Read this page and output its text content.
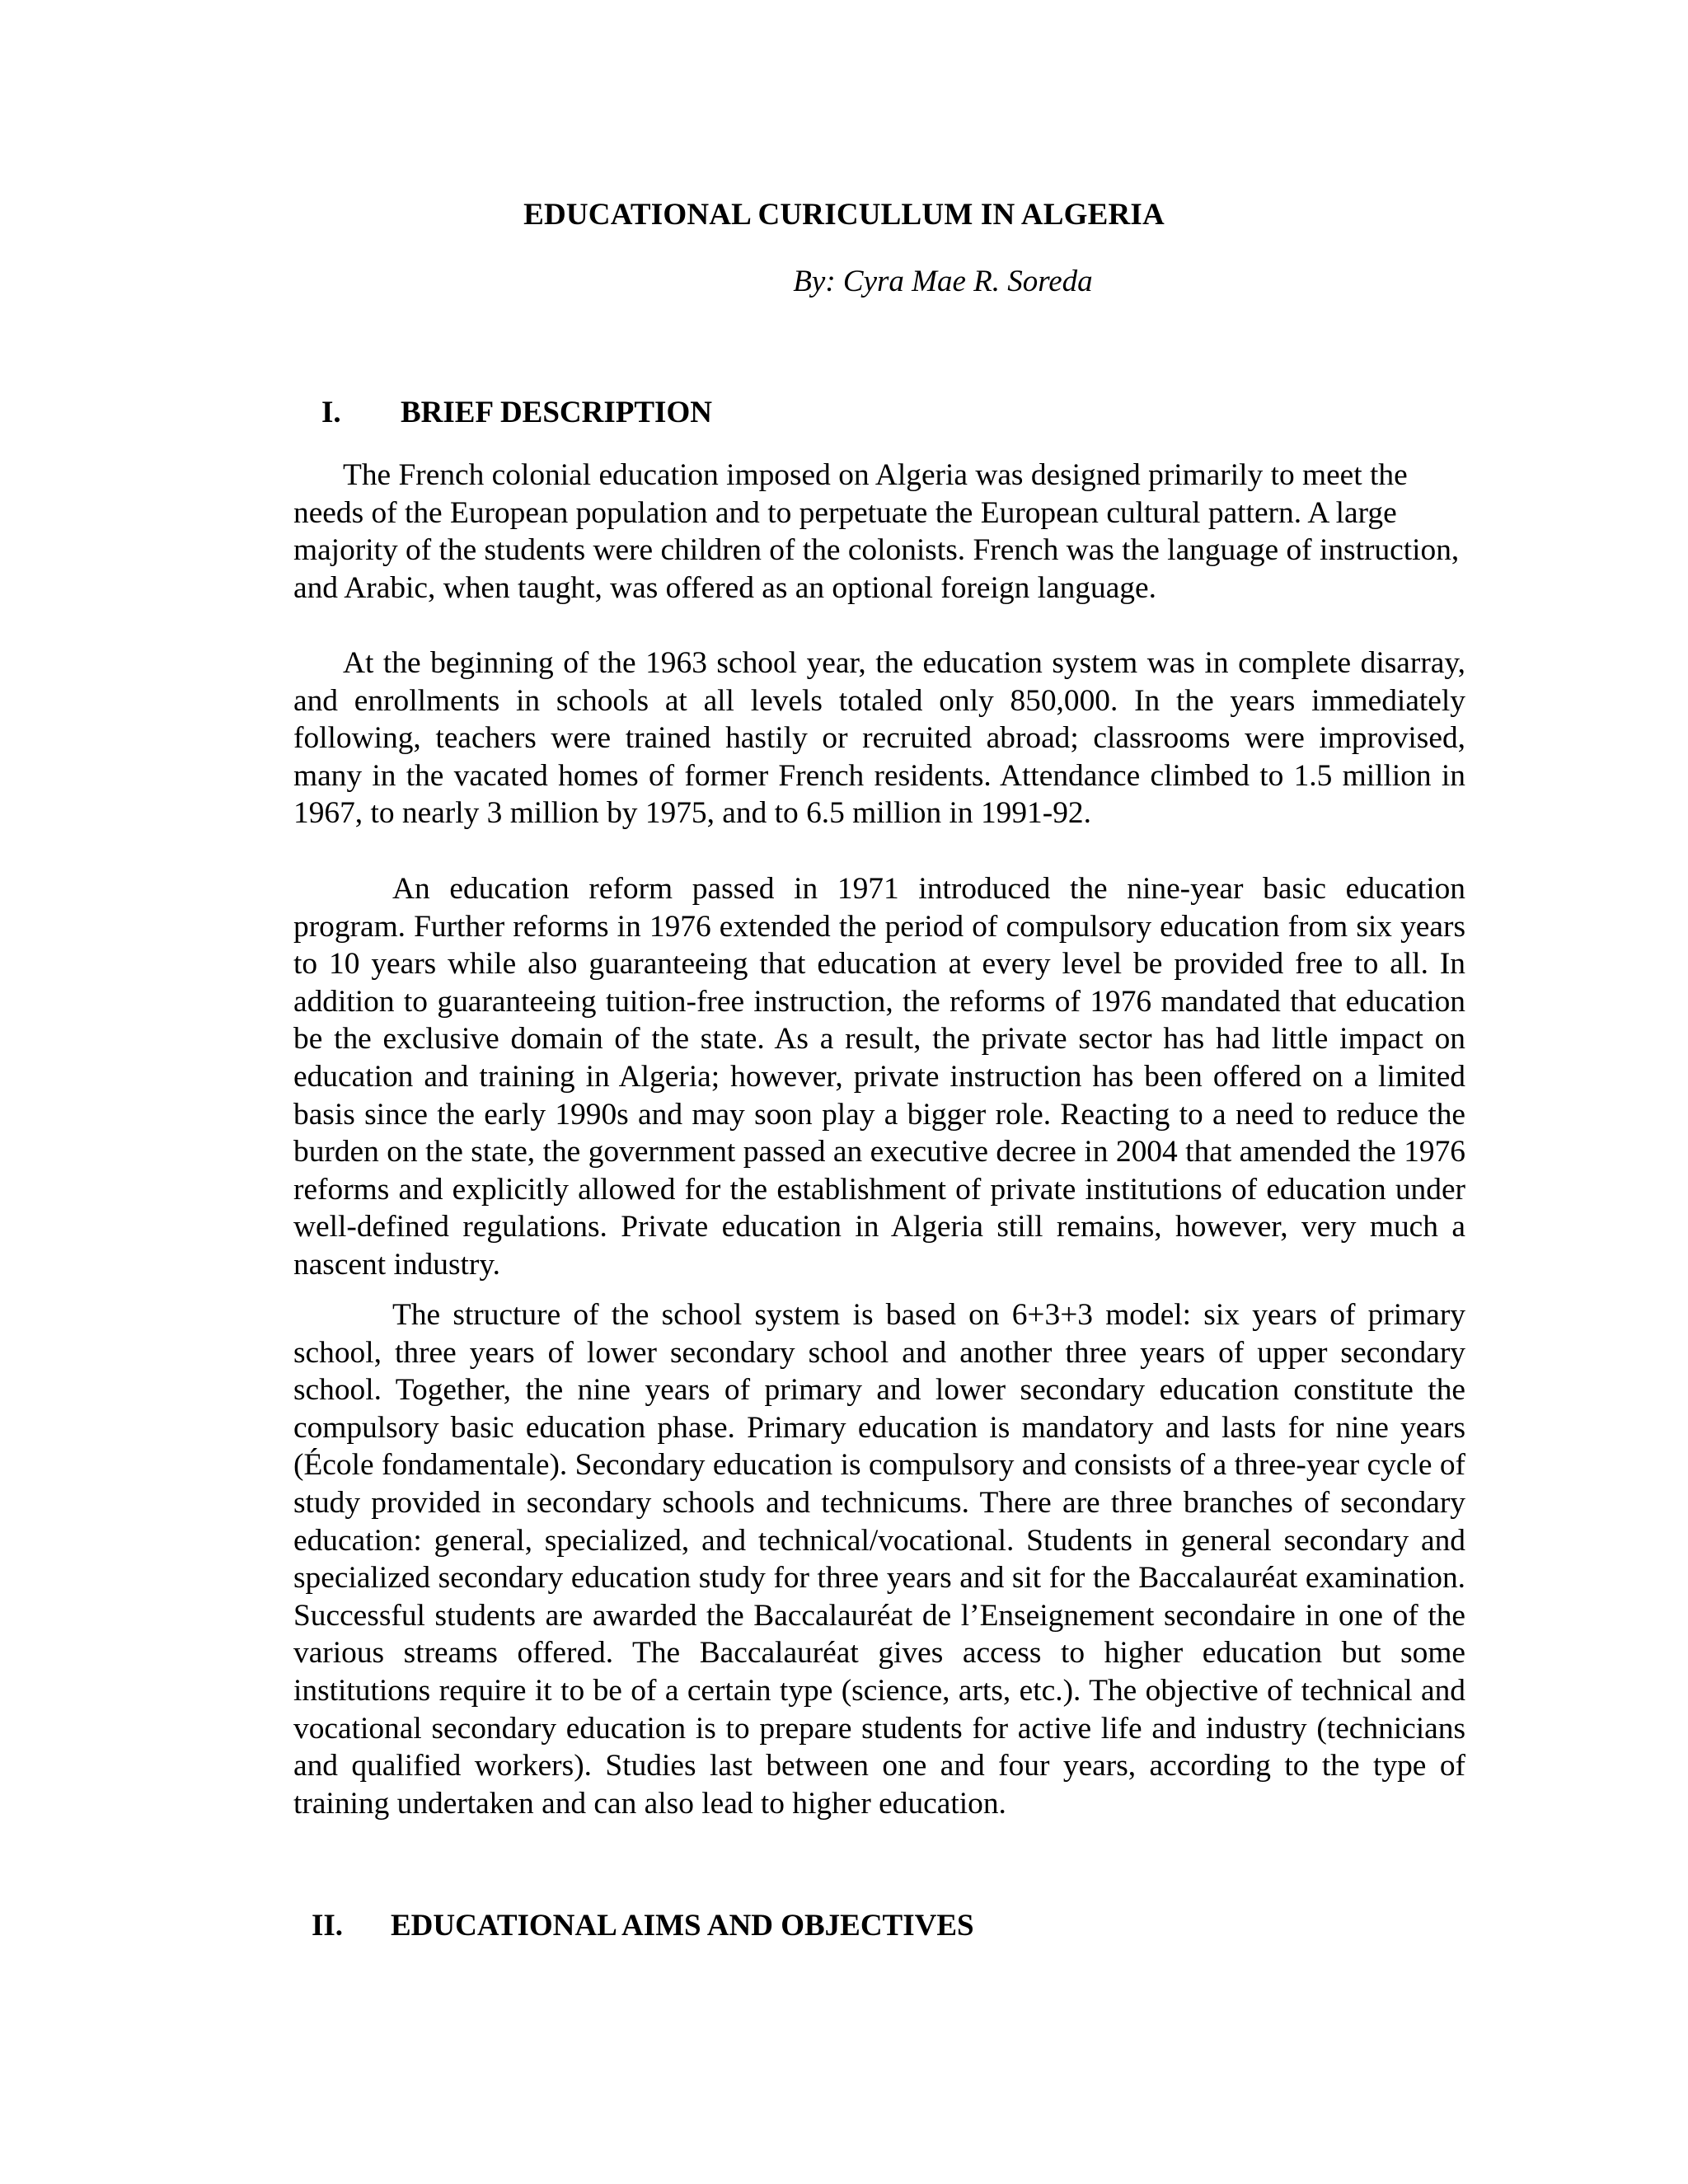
EDUCATIONAL CURICULLUM IN ALGERIA
By: Cyra Mae R. Soreda
I. BRIEF DESCRIPTION

The French colonial education imposed on Algeria was designed primarily to meet the needs of the European population and to perpetuate the European cultural pattern. A large majority of the students were children of the colonists. French was the language of instruction, and Arabic, when taught, was offered as an optional foreign language.

At the beginning of the 1963 school year, the education system was in complete disarray, and enrollments in schools at all levels totaled only 850,000. In the years immediately following, teachers were trained hastily or recruited abroad; classrooms were improvised, many in the vacated homes of former French residents. Attendance climbed to 1.5 million in 1967, to nearly 3 million by 1975, and to 6.5 million in 1991-92.

An education reform passed in 1971 introduced the nine-year basic education program. Further reforms in 1976 extended the period of compulsory education from six years to 10 years while also guaranteeing that education at every level be provided free to all. In addition to guaranteeing tuition-free instruction, the reforms of 1976 mandated that education be the exclusive domain of the state. As a result, the private sector has had little impact on education and training in Algeria; however, private instruction has been offered on a limited basis since the early 1990s and may soon play a bigger role. Reacting to a need to reduce the burden on the state, the government passed an executive decree in 2004 that amended the 1976 reforms and explicitly allowed for the establishment of private institutions of education under well-defined regulations. Private education in Algeria still remains, however, very much a nascent industry.

The structure of the school system is based on 6+3+3 model: six years of primary school, three years of lower secondary school and another three years of upper secondary school. Together, the nine years of primary and lower secondary education constitute the compulsory basic education phase. Primary education is mandatory and lasts for nine years (École fondamentale). Secondary education is compulsory and consists of a three-year cycle of study provided in secondary schools and technicums. There are three branches of secondary education: general, specialized, and technical/vocational. Students in general secondary and specialized secondary education study for three years and sit for the Baccalauréat examination. Successful students are awarded the Baccalauréat de l’Enseignement secondaire in one of the various streams offered. The Baccalauréat gives access to higher education but some institutions require it to be of a certain type (science, arts, etc.). The objective of technical and vocational secondary education is to prepare students for active life and industry (technicians and qualified workers). Studies last between one and four years, according to the type of training undertaken and can also lead to higher education.

II. EDUCATIONAL AIMS AND OBJECTIVES
